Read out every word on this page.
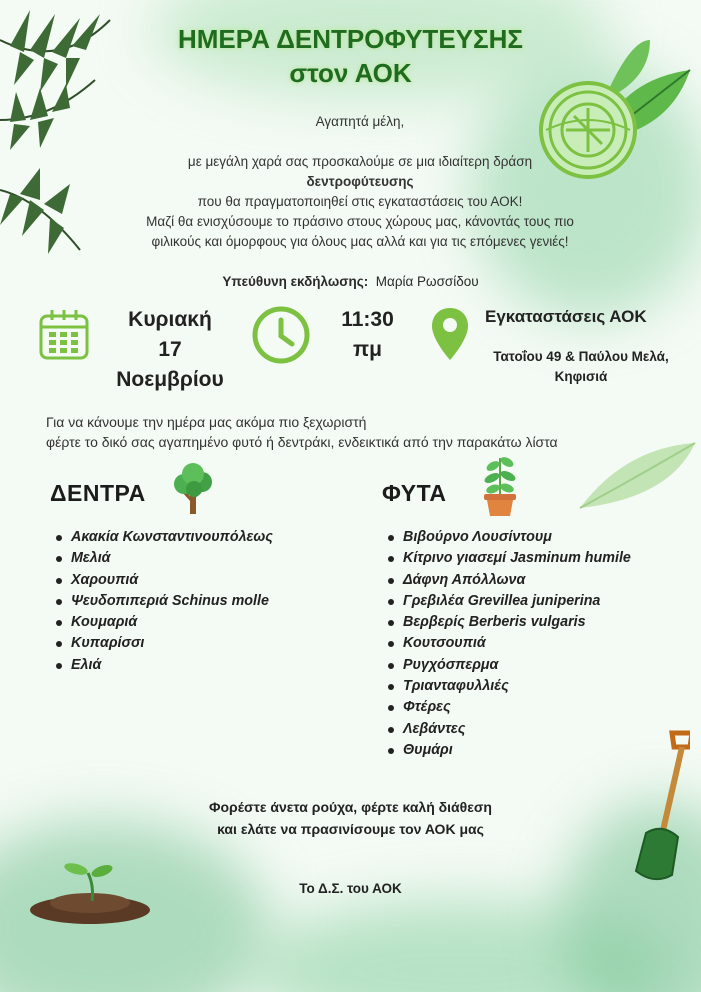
ΗΜΕΡΑ ΔΕΝΤΡΟΦΥΤΕΥΣΗΣ
στον ΑΟΚ

Αγαπητά μέλη,

με μεγάλη χαρά σας προσκαλούμε σε μια ιδιαίτερη δράση

δεντροφύτευσης

που θα πραγματοποιηθεί στις εγκαταστάσεις του ΑΟΚ!

Μαζί θα ενισχύσουμε το πράσινο στους χώρους μας, κάνοντάς τους πιο

φιλικούς και όμορφους για όλους μας αλλά και για τις επόμενες γενιές!

Υπεύθυνη εκδήλωσης: Μαρία Ρωσσίδου
Κυριακή
17
Νοεμβρίου
11:30
πμ
Εγκαταστάσεις ΑΟΚ
Τατοΐου 49 & Παύλου Μελά,
Κηφισιά

Για να κάνουμε την ημέρα μας ακόμα πιο ξεχωριστή

φέρτε το δικό σας αγαπημένο φυτό ή δεντράκι, ενδεικτικά από την παρακάτω λίστα

ΔΕΝΤΡΑ
Ακακία Κωνσταντινουπόλεως
Μελιά
Χαρουπιά
Ψευδοπιπεριά Schinus molle
Κουμαριά
Κυπαρίσσι
Ελιά
ΦΥΤΑ
Βιβούρνο Λουσίντουμ
Κίτρινο γιασεμί Jasminum humile
Δάφνη Απόλλωνα
Γρεβιλέα Grevillea juniperina
Βερβερίς Berberis vulgaris
Κουτσουπιά
Ρυγχόσπερμα
Τριανταφυλλιές
Φτέρες
Λεβάντες
Θυμάρι

Φορέστε άνετα ρούχα, φέρτε καλή διάθεση

και ελάτε να πρασινίσουμε τον ΑΟΚ μας

Το Δ.Σ. του ΑΟΚ
